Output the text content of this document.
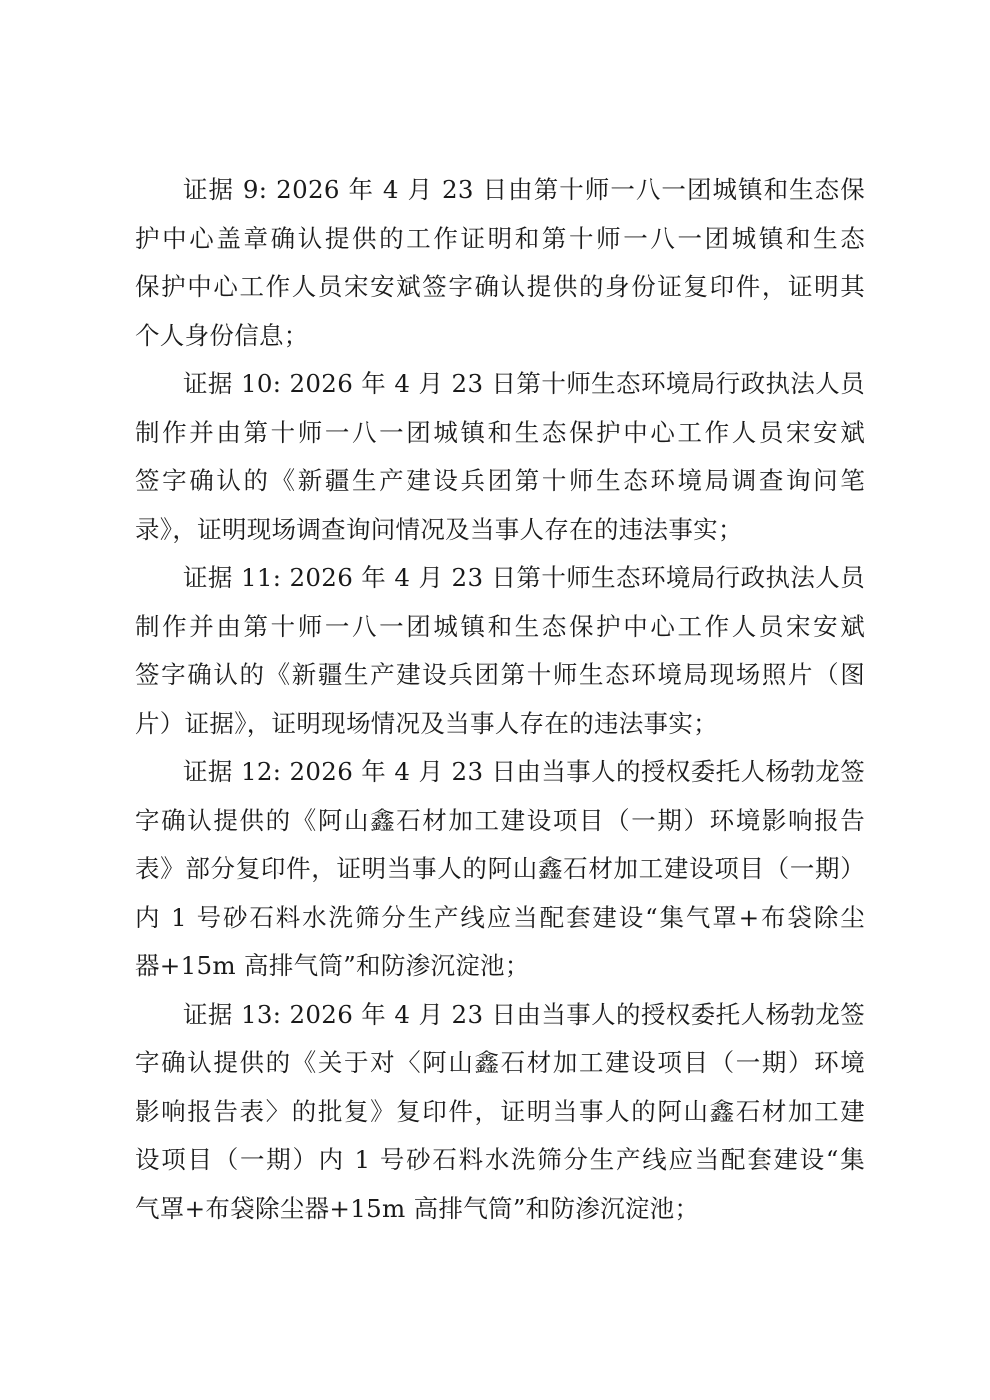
证据 9: 2026 年 4 月 23 日由第十师一八一团城镇和生态保
护中心盖章确认提供的工作证明和第十师一八一团城镇和生态
保护中心工作人员宋安斌签字确认提供的身份证复印件，证明其
个人身份信息；
证据 10: 2026 年 4 月 23 日第十师生态环境局行政执法人员
制作并由第十师一八一团城镇和生态保护中心工作人员宋安斌
签字确认的《新疆生产建设兵团第十师生态环境局调查询问笔
录》，证明现场调查询问情况及当事人存在的违法事实；
证据 11: 2026 年 4 月 23 日第十师生态环境局行政执法人员
制作并由第十师一八一团城镇和生态保护中心工作人员宋安斌
签字确认的《新疆生产建设兵团第十师生态环境局现场照片（图
片）证据》，证明现场情况及当事人存在的违法事实；
证据 12: 2026 年 4 月 23 日由当事人的授权委托人杨勃龙签
字确认提供的《阿山鑫石材加工建设项目（一期）环境影响报告
表》部分复印件，证明当事人的阿山鑫石材加工建设项目（一期）
内 1 号砂石料水洗筛分生产线应当配套建设“集气罩+布袋除尘
器+15m 高排气筒”和防渗沉淀池；
证据 13: 2026 年 4 月 23 日由当事人的授权委托人杨勃龙签
字确认提供的《关于对〈阿山鑫石材加工建设项目（一期）环境
影响报告表〉的批复》复印件，证明当事人的阿山鑫石材加工建
设项目（一期）内 1 号砂石料水洗筛分生产线应当配套建设“集
气罩+布袋除尘器+15m 高排气筒”和防渗沉淀池；
